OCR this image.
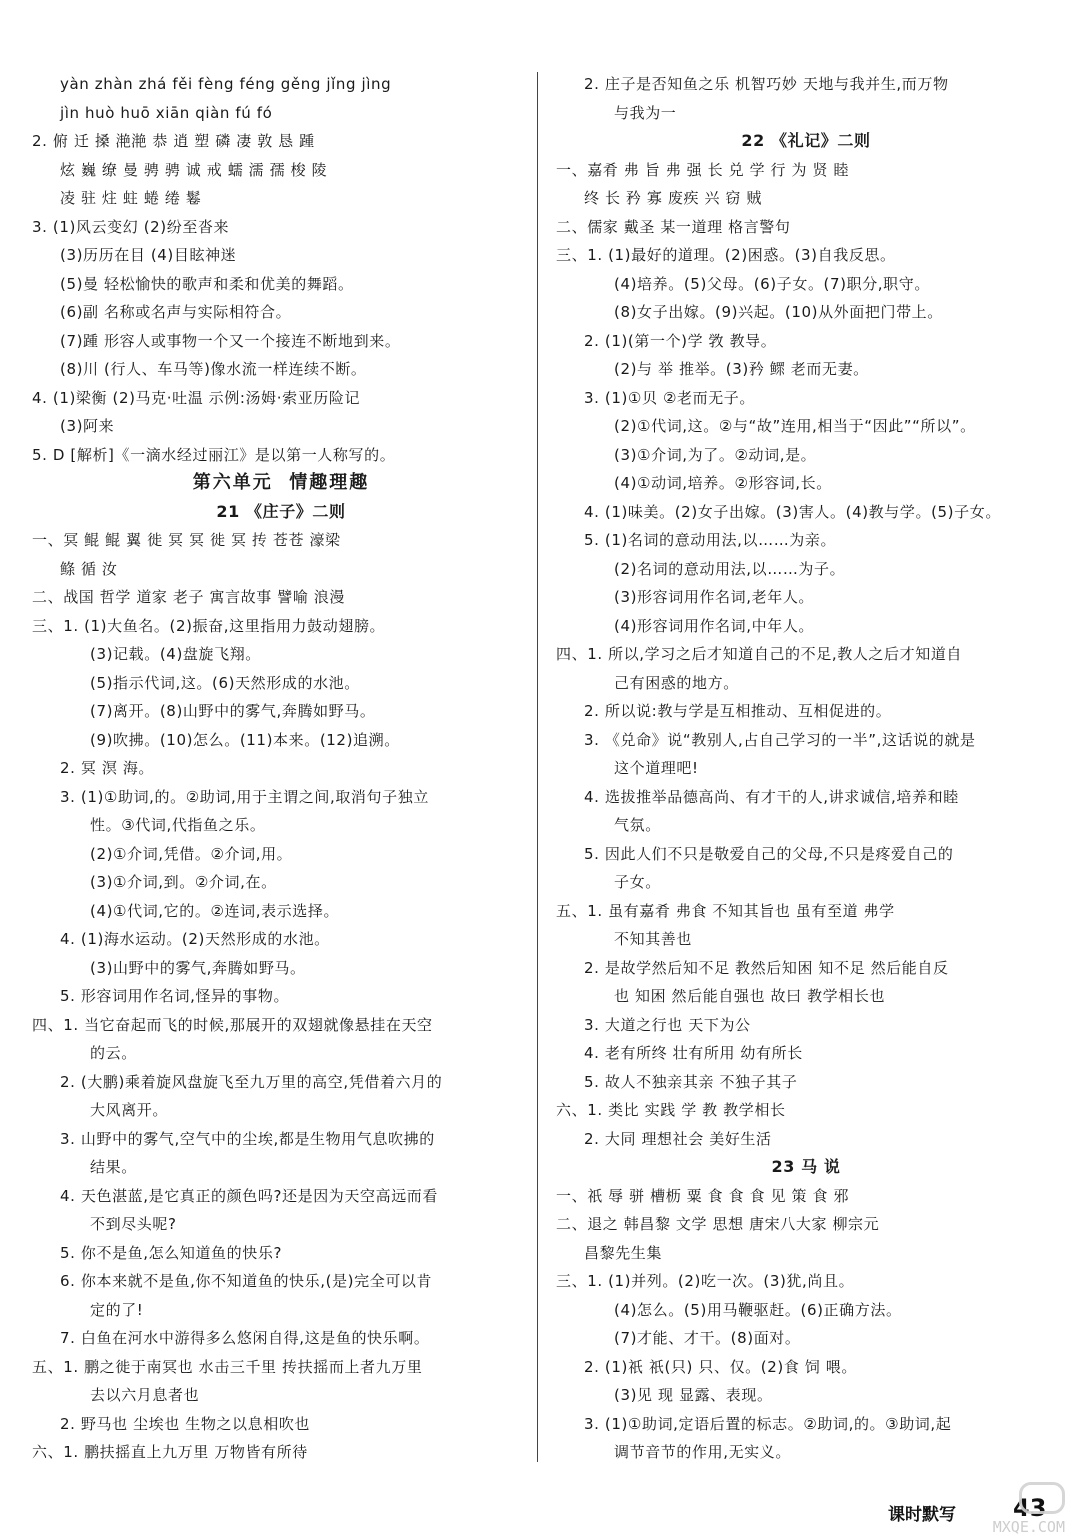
yàn zhàn zhá fěi fèng féng gěng jǐng jìng
jìn huò huō xiān qiàn fú fó
2. 俯 迁 搡 滟滟 恭 逍 塑 磷 凄 敦 恳 踵
炫 巍 缭 曼 骋 骋 诚 戒 蠕 濡 孺 梭 陵
凌 驻 炷 蛀 蜷 绻 鬈
3. (1)风云变幻 (2)纷至沓来
(3)历历在目 (4)目眩神迷
(5)曼 轻松愉快的歌声和柔和优美的舞蹈。
(6)副 名称或名声与实际相符合。
(7)踵 形容人或事物一个又一个接连不断地到来。
(8)川 (行人、车马等)像水流一样连续不断。
4. (1)梁衡 (2)马克·吐温 示例:汤姆·索亚历险记
(3)阿来
5. D [解析]《一滴水经过丽江》是以第一人称写的。
第六单元  情趣理趣
21 《庄子》二则
一、冥 鲲 鲲 翼 徙 冥 冥 徙 冥 抟 苍苍 濠梁
鲦 循 汝
二、战国 哲学 道家 老子 寓言故事 譬喻 浪漫
三、1. (1)大鱼名。(2)振奋,这里指用力鼓动翅膀。
(3)记载。(4)盘旋飞翔。
(5)指示代词,这。(6)天然形成的水池。
(7)离开。(8)山野中的雾气,奔腾如野马。
(9)吹拂。(10)怎么。(11)本来。(12)追溯。
2. 冥 溟 海。
3. (1)①助词,的。②助词,用于主谓之间,取消句子独立
性。③代词,代指鱼之乐。
(2)①介词,凭借。②介词,用。
(3)①介词,到。②介词,在。
(4)①代词,它的。②连词,表示选择。
4. (1)海水运动。(2)天然形成的水池。
(3)山野中的雾气,奔腾如野马。
5. 形容词用作名词,怪异的事物。
四、1. 当它奋起而飞的时候,那展开的双翅就像悬挂在天空
的云。
2. (大鹏)乘着旋风盘旋飞至九万里的高空,凭借着六月的
大风离开。
3. 山野中的雾气,空气中的尘埃,都是生物用气息吹拂的
结果。
4. 天色湛蓝,是它真正的颜色吗?还是因为天空高远而看
不到尽头呢?
5. 你不是鱼,怎么知道鱼的快乐?
6. 你本来就不是鱼,你不知道鱼的快乐,(是)完全可以肯
定的了!
7. 白鱼在河水中游得多么悠闲自得,这是鱼的快乐啊。
五、1. 鹏之徙于南冥也 水击三千里 抟扶摇而上者九万里
去以六月息者也
2. 野马也 尘埃也 生物之以息相吹也
六、1. 鹏扶摇直上九万里 万物皆有所待
2. 庄子是否知鱼之乐 机智巧妙 天地与我并生,而万物
与我为一
22 《礼记》二则
一、嘉肴 弗 旨 弗 强 长 兑 学 行 为 贤 睦
终 长 矜 寡 废疾 兴 窃 贼
二、儒家 戴圣 某一道理 格言警句
三、1. (1)最好的道理。(2)困惑。(3)自我反思。
(4)培养。(5)父母。(6)子女。(7)职分,职守。
(8)女子出嫁。(9)兴起。(10)从外面把门带上。
2. (1)(第一个)学 敩 教导。
(2)与 举 推举。(3)矜 鳏 老而无妻。
3. (1)①贝 ②老而无子。
(2)①代词,这。②与“故”连用,相当于“因此”“所以”。
(3)①介词,为了。②动词,是。
(4)①动词,培养。②形容词,长。
4. (1)味美。(2)女子出嫁。(3)害人。(4)教与学。(5)子女。
5. (1)名词的意动用法,以……为亲。
(2)名词的意动用法,以……为子。
(3)形容词用作名词,老年人。
(4)形容词用作名词,中年人。
四、1. 所以,学习之后才知道自己的不足,教人之后才知道自
己有困惑的地方。
2. 所以说:教与学是互相推动、互相促进的。
3. 《兑命》说“教别人,占自己学习的一半”,这话说的就是
这个道理吧!
4. 选拔推举品德高尚、有才干的人,讲求诚信,培养和睦
气氛。
5. 因此人们不只是敬爱自己的父母,不只是疼爱自己的
子女。
五、1. 虽有嘉肴 弗食 不知其旨也 虽有至道 弗学
不知其善也
2. 是故学然后知不足 教然后知困 知不足 然后能自反
也 知困 然后能自强也 故曰 教学相长也
3. 大道之行也 天下为公
4. 老有所终 壮有所用 幼有所长
5. 故人不独亲其亲 不独子其子
六、1. 类比 实践 学 教 教学相长
2. 大同 理想社会 美好生活
23 马 说
一、祇 辱 骈 槽枥 粟 食 食 食 见 策 食 邪
二、退之 韩昌黎 文学 思想 唐宋八大家 柳宗元
昌黎先生集
三、1. (1)并列。(2)吃一次。(3)犹,尚且。
(4)怎么。(5)用马鞭驱赶。(6)正确方法。
(7)才能、才干。(8)面对。
2. (1)祇 祇(只) 只、仅。(2)食 饲 喂。
(3)见 现 显露、表现。
3. (1)①助词,定语后置的标志。②助词,的。③助词,起
调节音节的作用,无实义。
课时默写 43

MXQE.COM
